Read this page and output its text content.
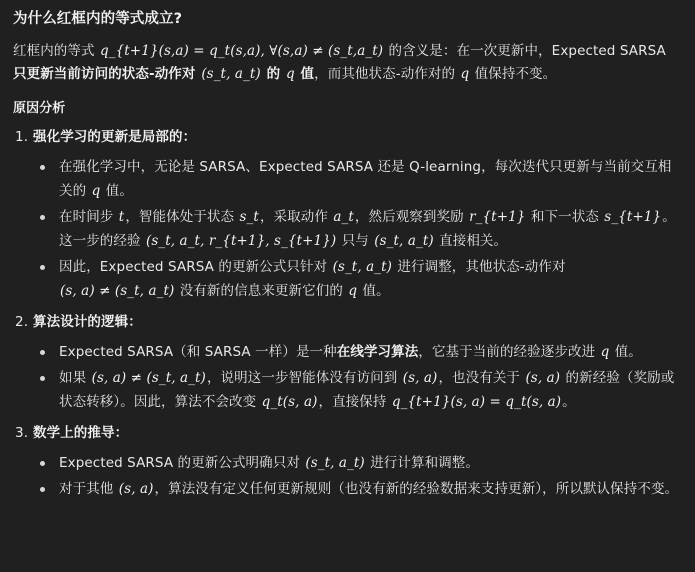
为什么红框内的等式成立?

红框内的等式 q_{t+1}(s,a) = q_t(s,a), ∀(s,a) ≠ (s_t,a_t) 的含义是：在一次更新中，Expected SARSA 只更新当前访问的状态-动作对 (s_t, a_t) 的 q 值，而其他状态-动作对的 q 值保持不变。

原因分析
1. 强化学习的更新是局部的：
在强化学习中，无论是 SARSA、Expected SARSA 还是 Q-learning，每次迭代只更新与当前交互相关的 q 值。
在时间步 t，智能体处于状态 s_t，采取动作 a_t，然后观察到奖励 r_{t+1} 和下一状态 s_{t+1}。这一步的经验 (s_t, a_t, r_{t+1}, s_{t+1}) 只与 (s_t, a_t) 直接相关。
因此，Expected SARSA 的更新公式只针对 (s_t, a_t) 进行调整，其他状态-动作对 (s, a) ≠ (s_t, a_t) 没有新的信息来更新它们的 q 值。
2. 算法设计的逻辑：
Expected SARSA（和 SARSA 一样）是一种在线学习算法，它基于当前的经验逐步改进 q 值。
如果 (s, a) ≠ (s_t, a_t)，说明这一步智能体没有访问到 (s, a)，也没有关于 (s, a) 的新经验（奖励或状态转移）。因此，算法不会改变 q_t(s, a)，直接保持 q_{t+1}(s, a) = q_t(s, a)。
3. 数学上的推导：
Expected SARSA 的更新公式明确只对 (s_t, a_t) 进行计算和调整。
对于其他 (s, a)，算法没有定义任何更新规则（也没有新的经验数据来支持更新），所以默认保持不变。
